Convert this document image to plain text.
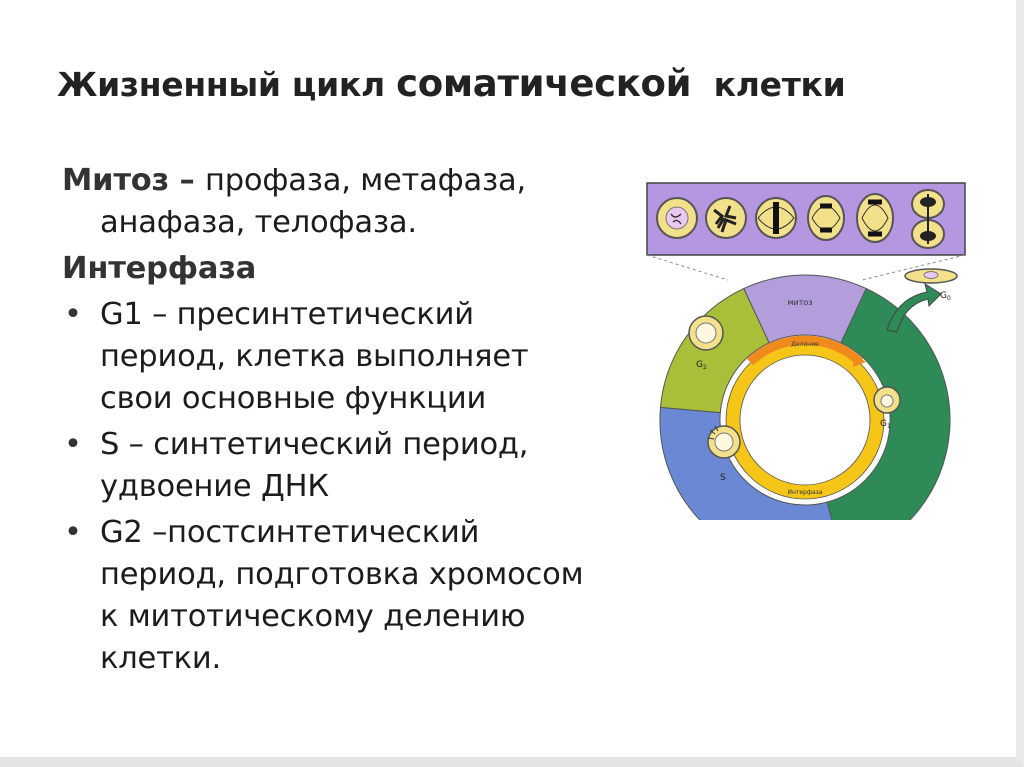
Жизненный цикл соматической  клетки
Митоз – профаза, метафаза,
анафаза, телофаза.
Интерфаза
• G1 – пресинтетический
период, клетка выполняет
свои основные функции
• S – синтетический период,
удвоение ДНК
• G2 –постсинтетический
период, подготовка хромосом
к митотическому делению
клетки.
митоз
Деление
Интерфаза
$G_0$
$G_1$
$G_2$
S
